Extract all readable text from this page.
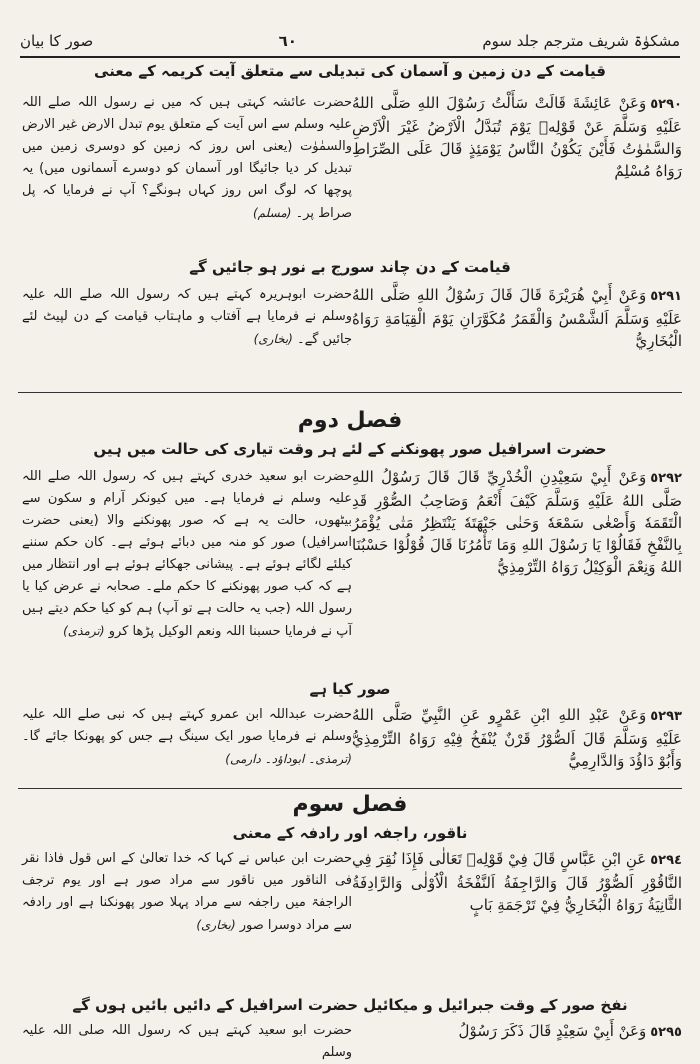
مشکوٰۃ شریف مترجم جلد سوم
٦٠
صور کا بیان
قیامت کے دن زمین و آسمان کی تبدیلی سے متعلق آیت کریمہ کے معنی
٥٢٩٠وَعَنْ عَائِشَةَ قَالَتْ سَأَلْتُ رَسُوْلَ اللهِ صَلَّى اللهُ عَلَيْهِ وَسَلَّمَ عَنْ قَوْلِهٖ يَوْمَ تُبَدَّلُ الْاَرْضُ غَيْرَ الْاَرْضِ وَالسَّمٰوٰتُ فَأَيْنَ يَكُوْنُ النَّاسُ يَوْمَئِذٍ قَالَ عَلَى الصِّرَاطِ رَوَاهُ مُسْلِمٌ
حضرت عائشہ کہتی ہیں کہ میں نے رسول اللہ صلے اللہ علیہ وسلم سے اس آیت کے متعلق یوم تبدل الارض غیر الارض والسمٰوٰت (یعنی اس روز کہ زمین کو دوسری زمین میں تبدیل کر دیا جائیگا اور آسمان کو دوسرے آسمانوں میں) یہ پوچھا کہ لوگ اس روز کہاں ہونگے؟ آپ نے فرمایا کہ پل صراط پر۔ (مسلم)
قیامت کے دن چاند سورج بے نور ہو جائیں گے
٥٢٩١وَعَنْ أَبِيْ هُرَيْرَةَ قَالَ قَالَ رَسُوْلُ اللهِ صَلَّى اللهُ عَلَيْهِ وَسَلَّمَ اَلشَّمْسُ وَالْقَمَرُ مُكَوَّرَانِ يَوْمَ الْقِيَامَةِ رَوَاهُ الْبُخَارِيُّ
حضرت ابوہریرہ کہتے ہیں کہ رسول اللہ صلے اللہ علیہ وسلم نے فرمایا ہے آفتاب و ماہتاب قیامت کے دن لپیٹ لئے جائیں گے۔ (بخاری)
فصل دوم
حضرت اسرافیل صور پھونکنے کے لئے ہر وقت تیاری کی حالت میں ہیں
٥٢٩٢وَعَنْ أَبِيْ سَعِيْدِنِ الْخُدْرِيِّ قَالَ قَالَ رَسُوْلُ اللهِ صَلَّى اللهُ عَلَيْهِ وَسَلَّمَ كَيْفَ أَنْعَمُ وَصَاحِبُ الصُّوْرِ قَدِ الْتَقَمَهٗ وَأَصْغٰى سَمْعَهٗ وَحَنٰى جَبْهَتَهٗ يَنْتَظِرُ مَتٰى يُؤْمَرُ بِالنَّفْخِ فَقَالُوْا يَا رَسُوْلَ اللهِ وَمَا تَأْمُرُنَا قَالَ قُوْلُوْا حَسْبُنَا اللهُ وَنِعْمَ الْوَكِيْلُ رَوَاهُ التِّرْمِذِيُّ
حضرت ابو سعید خدری کہتے ہیں کہ رسول اللہ صلے اللہ علیہ وسلم نے فرمایا ہے۔ میں کیونکر آرام و سکون سے بیٹھوں، حالت یہ ہے کہ صور پھونکنے والا (یعنی حضرت اسرافیل) صور کو منہ میں دبائے ہوئے ہے۔ کان حکم سننے کیلئے لگائے ہوئے ہے۔ پیشانی جھکائے ہوئے ہے اور انتظار میں ہے کہ کب صور پھونکنے کا حکم ملے۔ صحابہ نے عرض کیا یا رسول اللہ (جب یہ حالت ہے تو آپ) ہم کو کیا حکم دیتے ہیں آپ نے فرمایا حسبنا اللہ ونعم الوکیل پڑھا کرو (ترمذی)
صور کیا ہے
٥٢٩٣وَعَنْ عَبْدِ اللهِ ابْنِ عَمْرٍو عَنِ النَّبِيِّ صَلَّى اللهُ عَلَيْهِ وَسَلَّمَ قَالَ اَلصُّوْرُ قَرْنٌ يُنْفَخُ فِيْهِ رَوَاهُ التِّرْمِذِيُّ وَأَبُوْ دَاؤُدَ وَالدَّارِمِيُّ
حضرت عبداللہ ابن عمرو کہتے ہیں کہ نبی صلے اللہ علیہ وسلم نے فرمایا صور ایک سینگ ہے جس کو پھونکا جائے گا۔ (ترمذی۔ ابوداؤد۔ دارمی)
فصل سوم
ناقور، راجفہ اور رادفہ کے معنی
٥٢٩٤عَنِ ابْنِ عَبَّاسٍ قَالَ فِيْ قَوْلِهٖ تَعَالٰى فَإِذَا نُقِرَ فِي النَّاقُوْرِ اَلصُّوْرُ قَالَ وَالرَّاجِفَةُ اَلنَّفْخَةُ الْاُوْلٰى وَالرَّادِفَةُ الثَّانِيَةُ رَوَاهُ الْبُخَارِيُّ فِيْ تَرْجَمَةِ بَابٍ
حضرت ابن عباس نے کہا کہ خدا تعالیٰ کے اس قول فاذا نقر فی الناقور میں ناقور سے مراد صور ہے اور یوم ترجف الراجفۃ میں راجفہ سے مراد پہلا صور پھونکنا ہے اور رادفہ سے مراد دوسرا صور (بخاری)
نفخ صور کے وقت جبرائیل و میکائیل حضرت اسرافیل کے دائیں بائیں ہوں گے
٥٢٩٥وَعَنْ أَبِيْ سَعِيْدٍ قَالَ ذَكَرَ رَسُوْلُ
حضرت ابو سعید کہتے ہیں کہ رسول اللہ صلی اللہ علیہ وسلم
